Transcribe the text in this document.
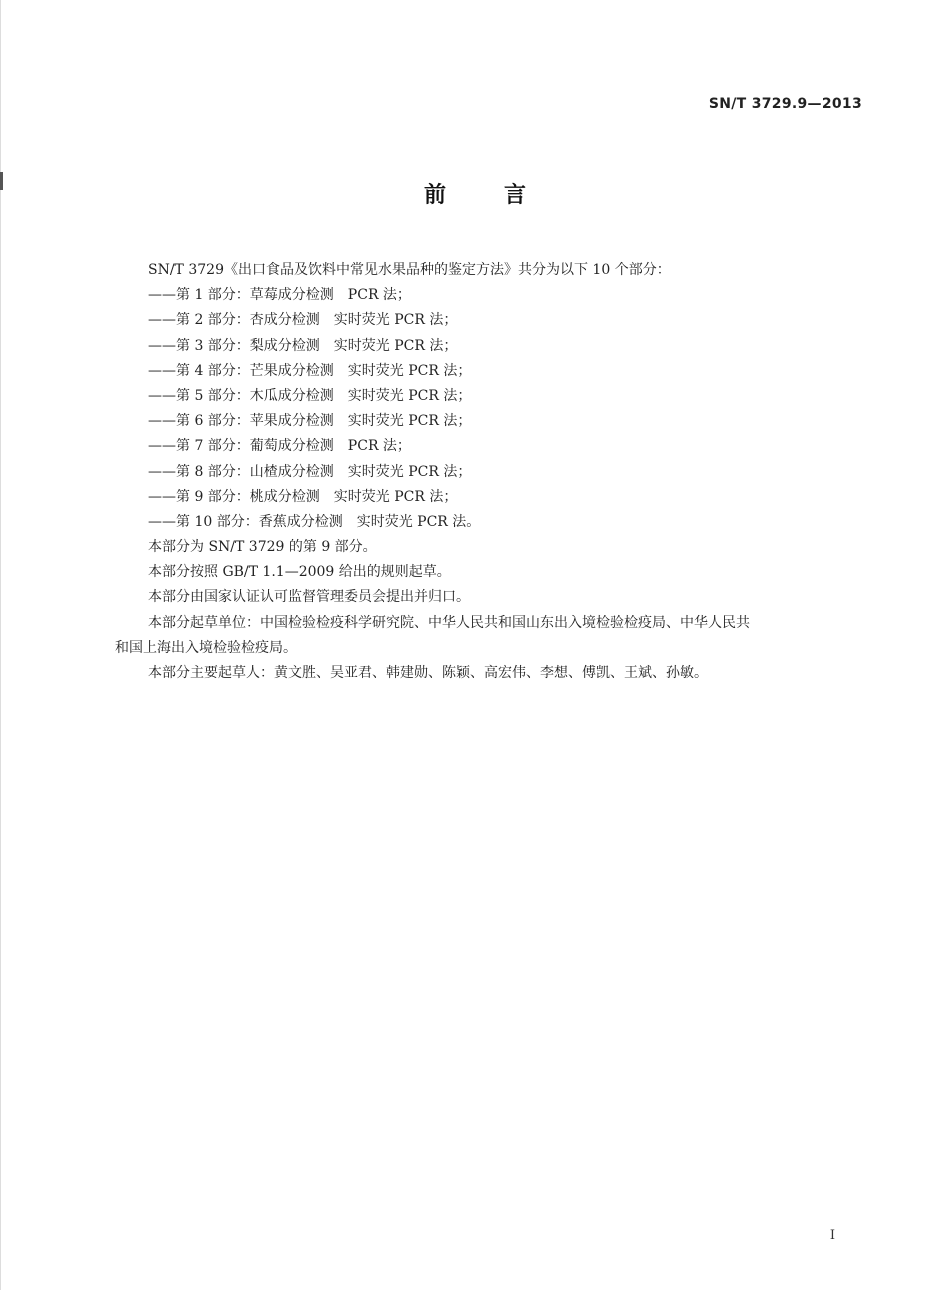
SN/T 3729.9—2013
前言
SN/T 3729《出口食品及饮料中常见水果品种的鉴定方法》共分为以下 10 个部分：
——第 1 部分：草莓成分检测　PCR 法；
——第 2 部分：杏成分检测　实时荧光 PCR 法；
——第 3 部分：梨成分检测　实时荧光 PCR 法；
——第 4 部分：芒果成分检测　实时荧光 PCR 法；
——第 5 部分：木瓜成分检测　实时荧光 PCR 法；
——第 6 部分：苹果成分检测　实时荧光 PCR 法；
——第 7 部分：葡萄成分检测　PCR 法；
——第 8 部分：山楂成分检测　实时荧光 PCR 法；
——第 9 部分：桃成分检测　实时荧光 PCR 法；
——第 10 部分：香蕉成分检测　实时荧光 PCR 法。
本部分为 SN/T 3729 的第 9 部分。
本部分按照 GB/T 1.1—2009 给出的规则起草。
本部分由国家认证认可监督管理委员会提出并归口。
本部分起草单位：中国检验检疫科学研究院、中华人民共和国山东出入境检验检疫局、中华人民共
和国上海出入境检验检疫局。
本部分主要起草人：黄文胜、吴亚君、韩建勋、陈颖、高宏伟、李想、傅凯、王斌、孙敏。
I
